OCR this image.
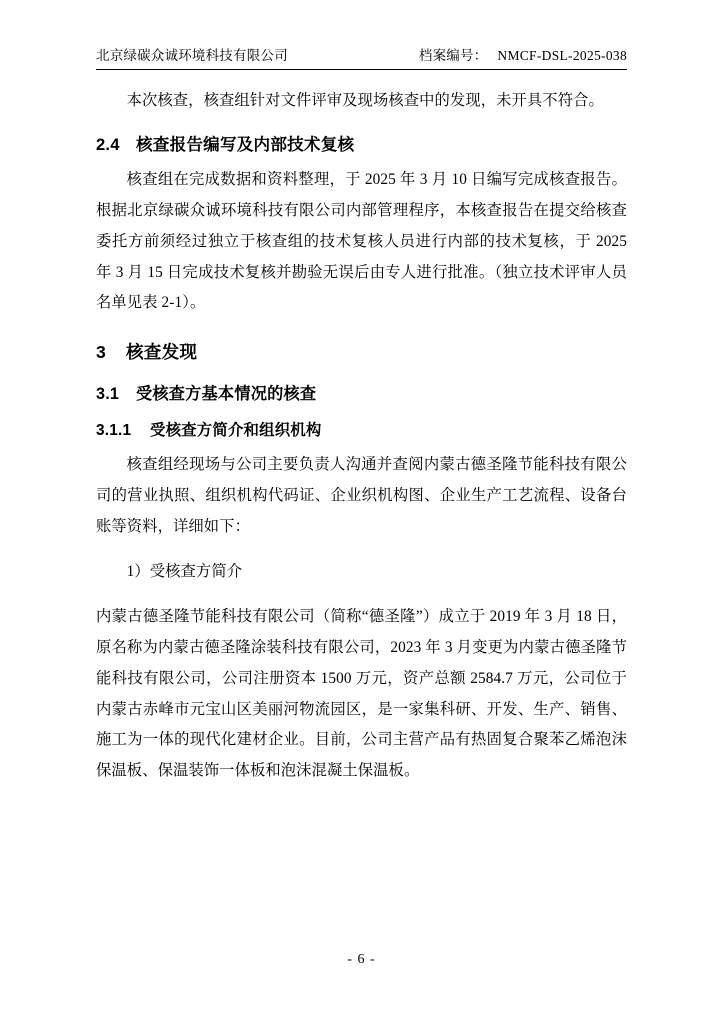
北京绿碳众诚环境科技有限公司	档案编号： NMCF-DSL-2025-038

本次核查，核查组针对文件评审及现场核查中的发现，未开具不符合。

2.4 核查报告编写及内部技术复核

核查组在完成数据和资料整理，于 2025 年 3 月 10 日编写完成核查报告。根据北京绿碳众诚环境科技有限公司内部管理程序，本核查报告在提交给核查委托方前须经过独立于核查组的技术复核人员进行内部的技术复核，于 2025 年 3 月 15 日完成技术复核并勘验无误后由专人进行批准。（独立技术评审人员名单见表 2-1）。

3 核查发现
3.1 受核查方基本情况的核查
3.1.1 受核查方简介和组织机构

核查组经现场与公司主要负责人沟通并查阅内蒙古德圣隆节能科技有限公司的营业执照、组织机构代码证、企业织机构图、企业生产工艺流程、设备台账等资料，详细如下：

1）受核查方简介

内蒙古德圣隆节能科技有限公司（简称“德圣隆”）成立于 2019 年 3 月 18 日，原名称为内蒙古德圣隆涂装科技有限公司，2023 年 3 月变更为内蒙古德圣隆节能科技有限公司，公司注册资本 1500 万元，资产总额 2584.7 万元，公司位于内蒙古赤峰市元宝山区美丽河物流园区，是一家集科研、开发、生产、销售、施工为一体的现代化建材企业。目前，公司主营产品有热固复合聚苯乙烯泡沫保温板、保温装饰一体板和泡沫混凝土保温板。

- 6 -
